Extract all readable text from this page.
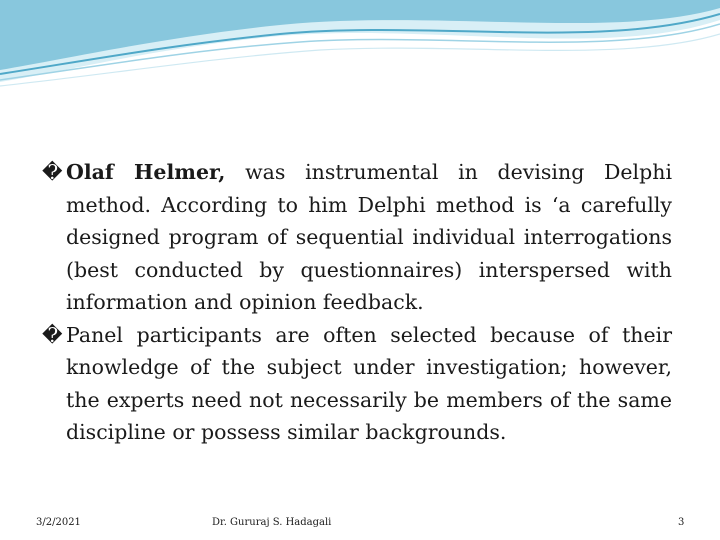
� Olaf Helmer, was instrumental in devising Delphi method. According to him Delphi method is ‘a carefully designed program of sequential individual interrogations (best conducted by questionnaires) interspersed with information and opinion feedback.

� Panel participants are often selected because of their knowledge of the subject under investigation; however, the experts need not necessarily be members of the same discipline or possess similar backgrounds.

3/2/2021	Dr. Gururaj S. Hadagali	3
